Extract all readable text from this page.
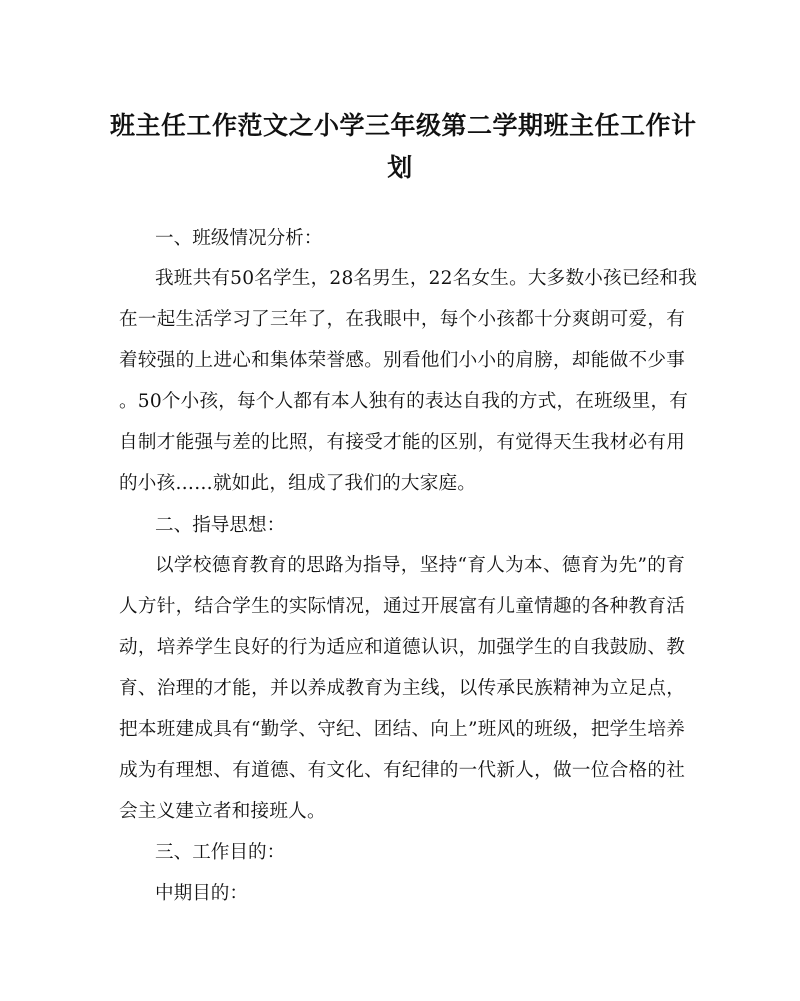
班主任工作范文之小学三年级第二学期班主任工作计
划
一、班级情况分析：
我班共有50名学生，28名男生，22名女生。大多数小孩已经和我
在一起生活学习了三年了，在我眼中，每个小孩都十分爽朗可爱，有
着较强的上进心和集体荣誉感。别看他们小小的肩膀，却能做不少事
。50个小孩，每个人都有本人独有的表达自我的方式，在班级里，有
自制才能强与差的比照，有接受才能的区别，有觉得天生我材必有用
的小孩……就如此，组成了我们的大家庭。
二、指导思想：
以学校德育教育的思路为指导，坚持“育人为本、德育为先”的育
人方针，结合学生的实际情况，通过开展富有儿童情趣的各种教育活
动，培养学生良好的行为适应和道德认识，加强学生的自我鼓励、教
育、治理的才能，并以养成教育为主线，以传承民族精神为立足点，
把本班建成具有“勤学、守纪、团结、向上”班风的班级，把学生培养
成为有理想、有道德、有文化、有纪律的一代新人，做一位合格的社
会主义建立者和接班人。
三、工作目的：
中期目的：
